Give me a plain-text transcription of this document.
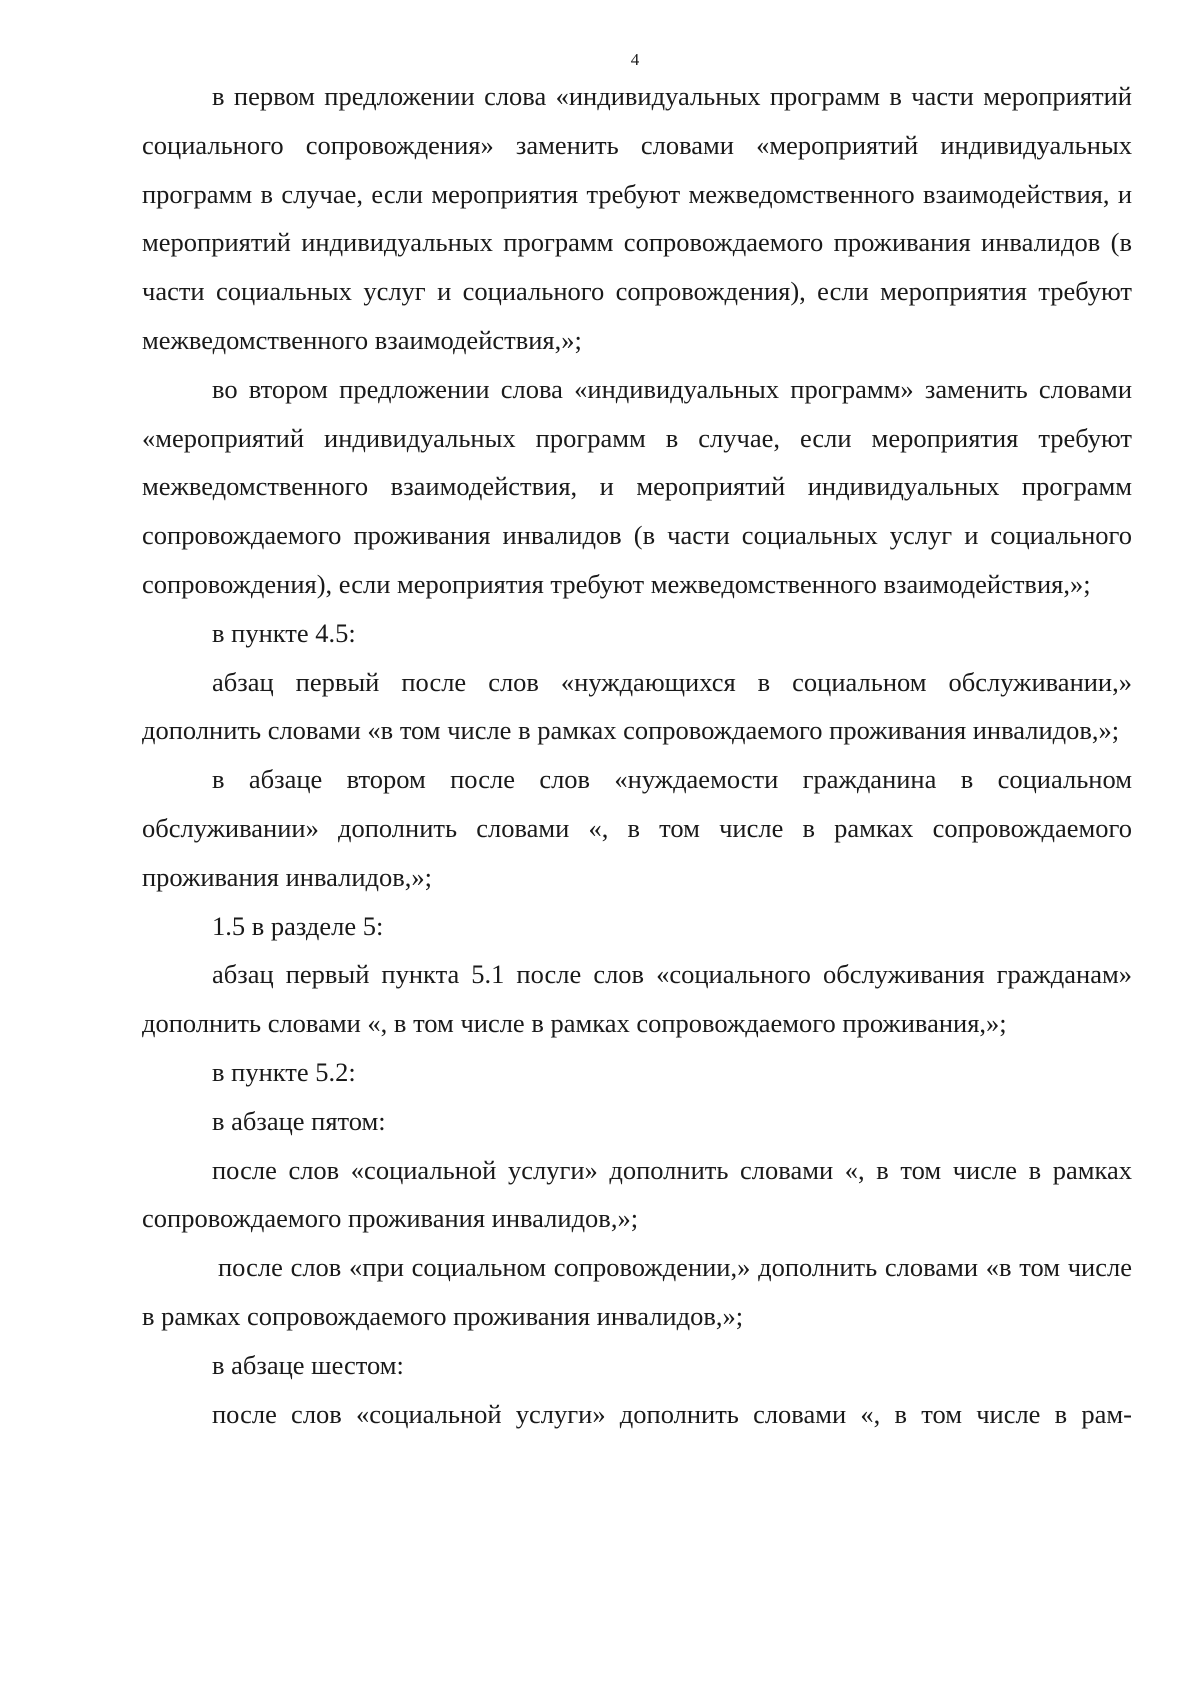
4

в первом предложении слова «индивидуальных программ в части мероприятий социального сопровождения» заменить словами «мероприятий индивидуальных программ в случае, если мероприятия требуют межведомственного взаимодействия, и мероприятий индивидуальных программ сопровождаемого проживания инвалидов (в части социальных услуг и социального сопровождения), если мероприятия требуют межведомственного взаимодействия,»;

во втором предложении слова «индивидуальных программ» заменить словами «мероприятий индивидуальных программ в случае, если мероприятия требуют межведомственного взаимодействия, и мероприятий индивидуальных программ сопровождаемого проживания инвалидов (в части социальных услуг и социального сопровождения), если мероприятия требуют межведомственного взаимодействия,»;

в пункте 4.5:

абзац первый после слов «нуждающихся в социальном обслуживании,» дополнить словами «в том числе в рамках сопровождаемого проживания инвалидов,»;

в абзаце втором после слов «нуждаемости гражданина в социальном обслуживании» дополнить словами «, в том числе в рамках сопровождаемого проживания инвалидов,»;

1.5 в разделе 5:

абзац первый пункта 5.1 после слов «социального обслуживания гражданам» дополнить словами «, в том числе в рамках сопровождаемого проживания,»;

в пункте 5.2:

в абзаце пятом:

после слов «социальной услуги» дополнить словами «, в том числе в рамках сопровождаемого проживания инвалидов,»;

после слов «при социальном сопровождении,» дополнить словами «в том числе в рамках сопровождаемого проживания инвалидов,»;

в абзаце шестом:

после слов «социальной услуги» дополнить словами «, в том числе в рам-
